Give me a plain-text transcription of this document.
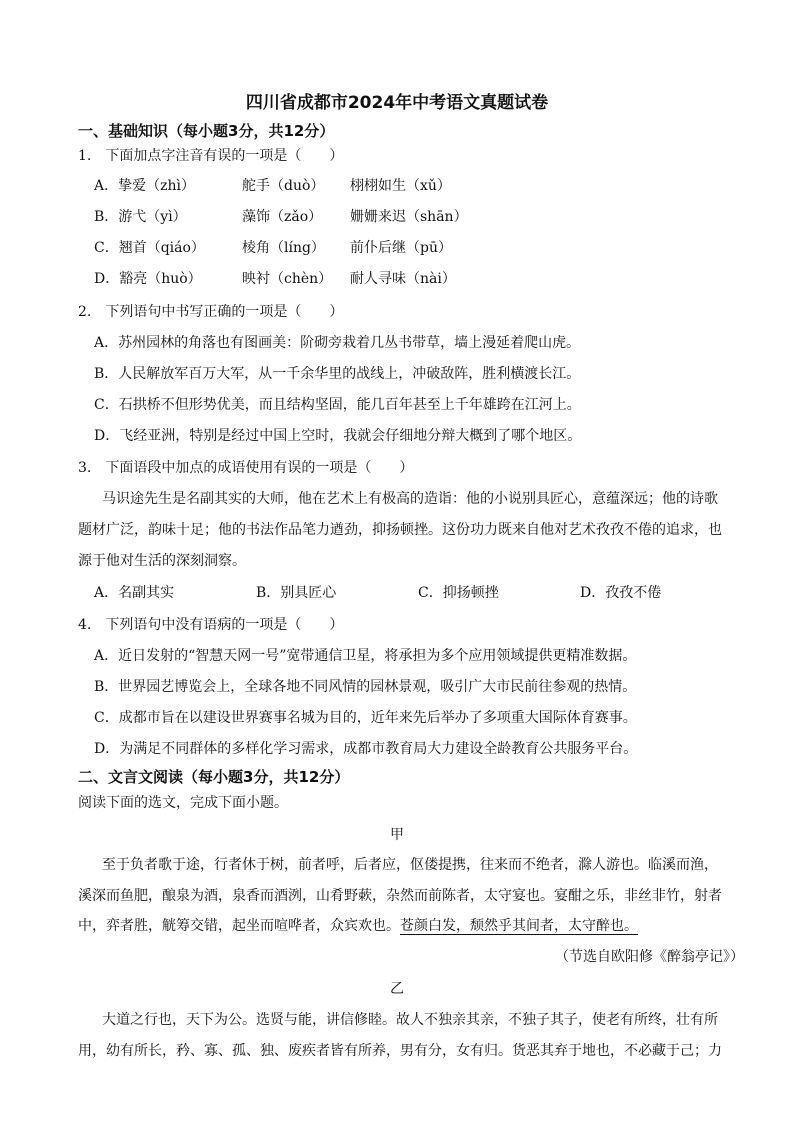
四川省成都市2024年中考语文真题试卷
一、基础知识（每小题3分，共12分）
1.　下面加点字注音有误的一项是（　　）
A．挚爱（zhì）	舵手（duò） 栩栩如生（xǔ）
B．游弋（yì）	藻饰（zǎo） 姗姗来迟（shān）
C．翘首（qiáo）	棱角（líng） 前仆后继（pū）
D．豁亮（huò）	映衬（chèn） 耐人寻味（nài）
2.　下列语句中书写正确的一项是（　　）
A．苏州园林的角落也有图画美：阶砌旁栽着几丛书带草，墙上漫延着爬山虎。
B．人民解放军百万大军，从一千余华里的战线上，冲破敌阵，胜利横渡长江。
C．石拱桥不但形势优美，而且结构坚固，能几百年甚至上千年雄跨在江河上。
D．飞经亚洲，特别是经过中国上空时，我就会仔细地分辩大概到了哪个地区。
3.　下面语段中加点的成语使用有误的一项是（　　）
马识途先生是名副其实的大师，他在艺术上有极高的造诣：他的小说别具匠心，意蕴深远；他的诗歌
题材广泛，韵味十足；他的书法作品笔力遒劲，抑扬顿挫。这份功力既来自他对艺术孜孜不倦的追求，也
源于他对生活的深刻洞察。
A．名副其实	B．别具匠心	C．抑扬顿挫	D．孜孜不倦
4.　下列语句中没有语病的一项是（　　）
A．近日发射的“智慧天网一号”宽带通信卫星，将承担为多个应用领域提供更精准数据。
B．世界园艺博览会上，全球各地不同风情的园林景观，吸引广大市民前往参观的热情。
C．成都市旨在以建设世界赛事名城为目的，近年来先后举办了多项重大国际体育赛事。
D．为满足不同群体的多样化学习需求，成都市教育局大力建设全龄教育公共服务平台。
二、文言文阅读（每小题3分，共12分）
阅读下面的选文，完成下面小题。
甲
至于负者歌于途，行者休于树，前者呼，后者应，伛偻提携，往来而不绝者，滁人游也。临溪而渔，
溪深而鱼肥，酿泉为酒，泉香而酒洌，山肴野蔌，杂然而前陈者，太守宴也。宴酣之乐，非丝非竹，射者
中，弈者胜，觥筹交错，起坐而喧哗者，众宾欢也。苍颜白发，颓然乎其间者，太守醉也。
（节选自欧阳修《醉翁亭记》）
乙
大道之行也，天下为公。选贤与能，讲信修睦。故人不独亲其亲，不独子其子，使老有所终，壮有所
用，幼有所长，矜、寡、孤、独、废疾者皆有所养，男有分，女有归。货恶其弃于地也，不必藏于己；力
